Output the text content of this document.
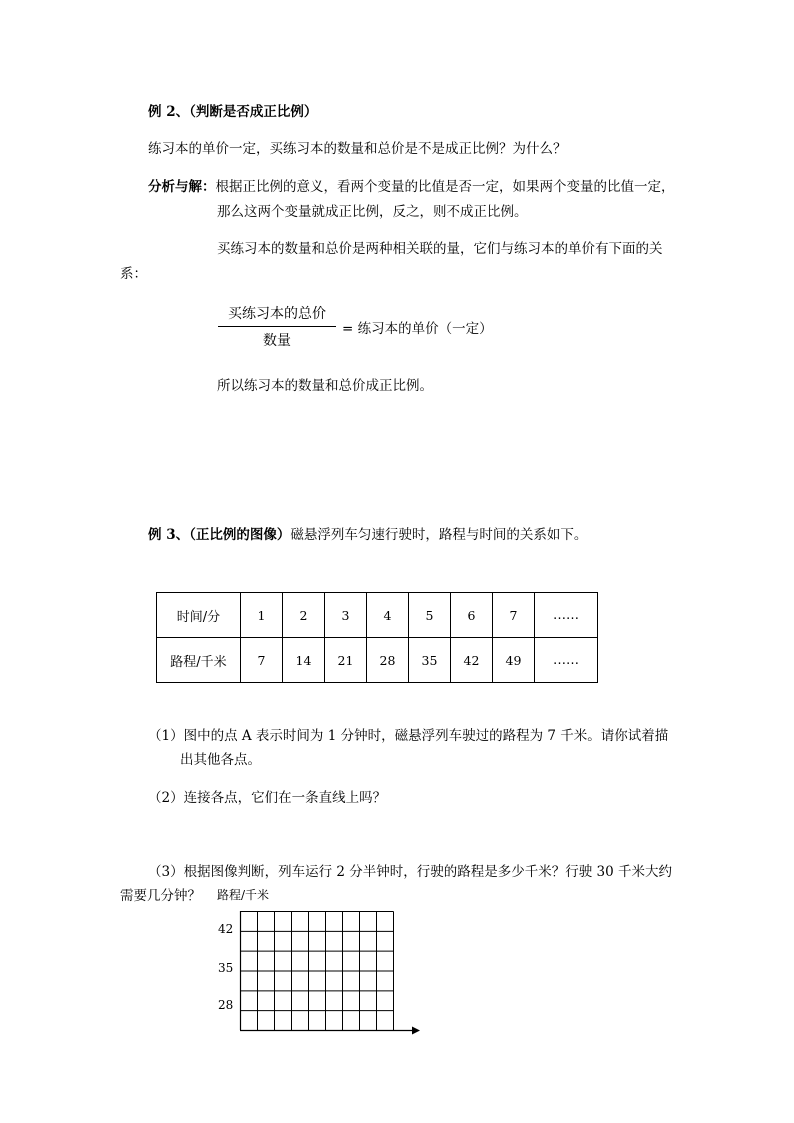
例 2、（判断是否成正比例）
练习本的单价一定，买练习本的数量和总价是不是成正比例？为什么？
分析与解：根据正比例的意义，看两个变量的比值是否一定，如果两个变量的比值一定，
那么这两个变量就成正比例，反之，则不成正比例。
买练习本的数量和总价是两种相关联的量，它们与练习本的单价有下面的关
系：
买练习本的总价
数量
= 练习本的单价（一定）
所以练习本的数量和总价成正比例。
例 3、（正比例的图像）磁悬浮列车匀速行驶时，路程与时间的关系如下。
时间/分	1	2	3	4	5	6	7	……
路程/千米	7	14	21	28	35	42	49	……
（1）图中的点 A 表示时间为 1 分钟时，磁悬浮列车驶过的路程为 7 千米。请你试着描
出其他各点。
（2）连接各点，它们在一条直线上吗？
（3）根据图像判断，列车运行 2 分半钟时，行驶的路程是多少千米？行驶 30 千米大约
需要几分钟？ 路程/千米
42
35
28
